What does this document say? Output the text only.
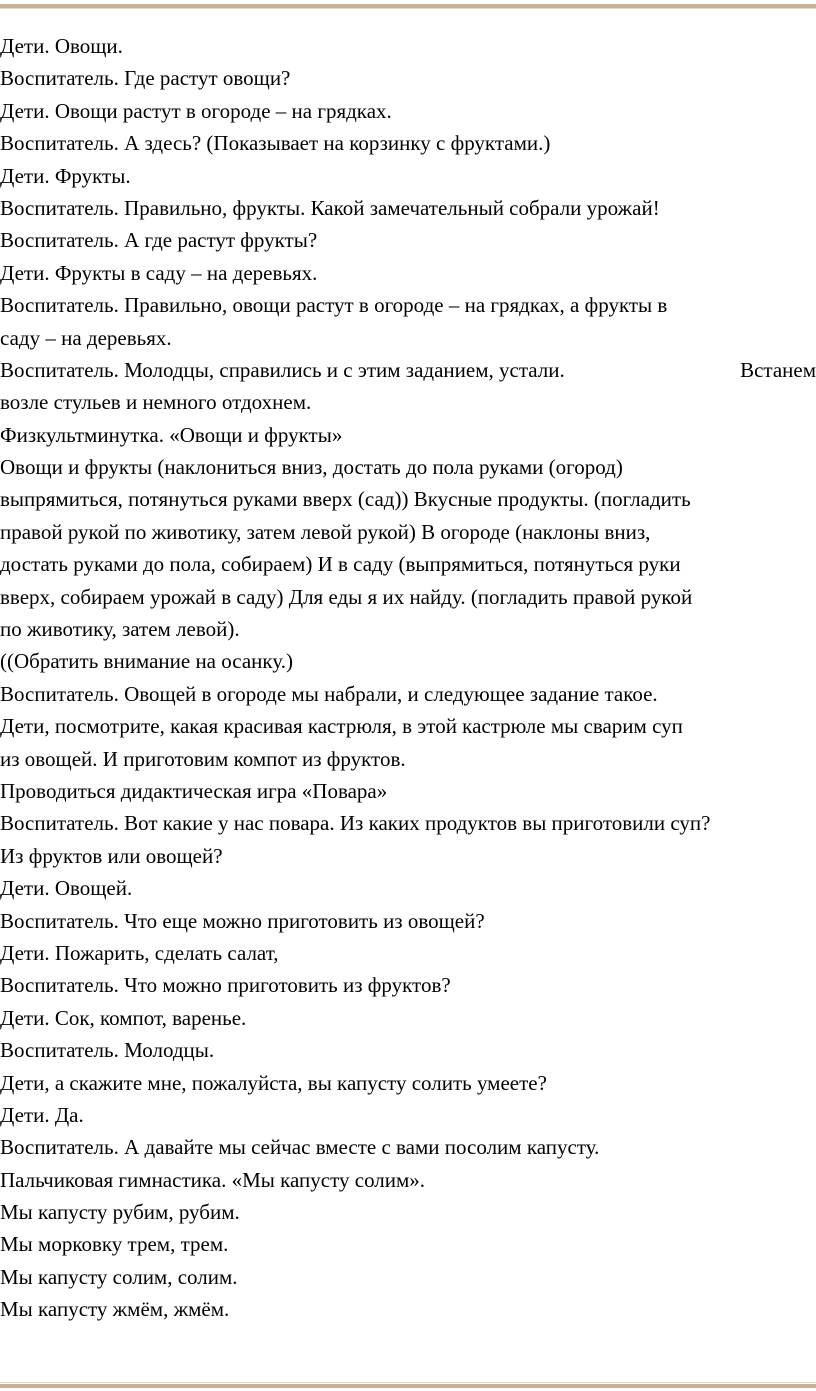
Дети. Овощи.

Воспитатель. Где растут овощи?

Дети. Овощи растут в огороде – на грядках.

Воспитатель. А здесь? (Показывает на корзинку с фруктами.)

Дети. Фрукты.

Воспитатель. Правильно, фрукты. Какой замечательный собрали урожай!

Воспитатель. А где растут фрукты?

Дети. Фрукты в саду – на деревьях.

Воспитатель. Правильно, овощи растут в огороде – на грядках, а фрукты в

саду – на деревьях.

Воспитатель. Молодцы, справились и с этим заданием, устали.	Встанем

возле стульев и немного отдохнем.

Физкультминутка. «Овощи и фрукты»

Овощи и фрукты (наклониться вниз, достать до пола руками (огород)

выпрямиться, потянуться руками вверх (сад)) Вкусные продукты. (погладить

правой рукой по животику, затем левой рукой) В огороде (наклоны вниз,

достать руками до пола, собираем) И в саду (выпрямиться, потянуться руки

вверх, собираем урожай в саду) Для еды я их найду. (погладить правой рукой

по животику, затем левой).

((Обратить внимание на осанку.)

Воспитатель. Овощей в огороде мы набрали, и следующее задание такое.

Дети, посмотрите, какая красивая кастрюля, в этой кастрюле мы сварим суп

из овощей. И приготовим компот из фруктов.

Проводиться дидактическая игра «Повара»

Воспитатель. Вот какие у нас повара. Из каких продуктов вы приготовили суп?

Из фруктов или овощей?

Дети. Овощей.

Воспитатель. Что еще можно приготовить из овощей?

Дети. Пожарить, сделать салат,

Воспитатель. Что можно приготовить из фруктов?

Дети. Сок, компот, варенье.

Воспитатель. Молодцы.

Дети, а скажите мне, пожалуйста, вы капусту солить умеете?

Дети. Да.

Воспитатель. А давайте мы сейчас вместе с вами посолим капусту.

Пальчиковая гимнастика. «Мы капусту солим».

Мы капусту рубим, рубим.

Мы морковку трем, трем.

Мы капусту солим, солим.

Мы капусту жмём, жмём.
